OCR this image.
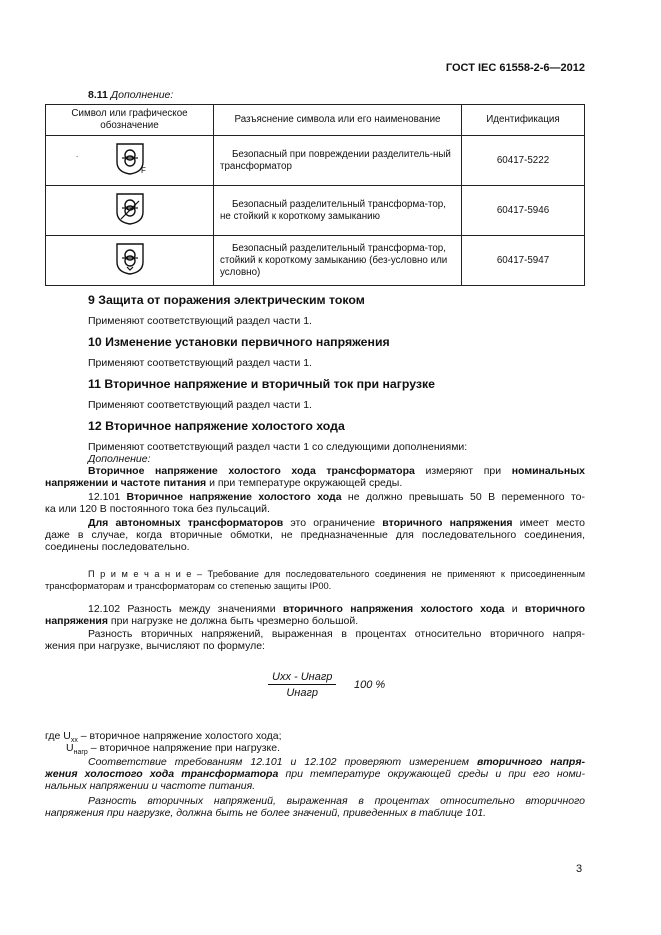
ГОСТ IEC 61558-2-6—2012
8.11 Дополнение:
Символ или графическое обозначение	Разъяснение символа или его наименование	Идентификация

.
F	Безопасный при повреждении разделитель-ный трансформатор	60417-5222

Безопасный разделительный трансформа-тор, не стойкий к короткому замыканию	60417-5946

Безопасный разделительный трансформа-тор, стойкий к короткому замыканию (без-условно или условно)	60417-5947
9 Защита от поражения электрическим током
Применяют соответствующий раздел части 1.
10 Изменение установки первичного напряжения
Применяют соответствующий раздел части 1.
11 Вторичное напряжение и вторичный ток при нагрузке
Применяют соответствующий раздел части 1.
12 Вторичное напряжение холостого хода
Применяют соответствующий раздел части 1 со следующими дополнениями:
Дополнение:
Вторичное напряжение холостого хода трансформатора измеряют при номинальных
напряжении и частоте питания и при температуре окружающей среды.
12.101 Вторичное напряжение холостого хода не должно превышать 50 В переменного то-
ка или 120 В постоянного тока без пульсаций.
Для автономных трансформаторов это ограничение вторичного напряжения имеет место
даже в случае, когда вторичные обмотки, не предназначенные для последовательного соединения,
соединены последовательно.
П р и м е ч а н и е – Требование для последовательного соединения не применяют к присоединенным
трансформаторам и трансформаторам со степенью защиты IP00.
12.102 Разность между значениями вторичного напряжения холостого хода и вторичного
напряжения при нагрузке не должна быть чрезмерно большой.
Разность вторичных напряжений, выраженная в процентах относительно вторичного напря-
жения при нагрузке, вычисляют по формуле:
Uxx - Uнагр
Uнагр
100 %
где $U_{xx}$ – вторичное напряжение холостого хода;
$U_{нагр}$ – вторичное напряжение при нагрузке.
Соответствие требованиям 12.101 и 12.102 проверяют измерением вторичного напря-
жения холостого хода трансформатора при температуре окружающей среды и при его номи-
нальных напряжении и частоте питания.
Разность вторичных напряжений, выраженная в процентах относительно вторичного
напряжения при нагрузке, должна быть не более значений, приведенных в таблице 101.
3
